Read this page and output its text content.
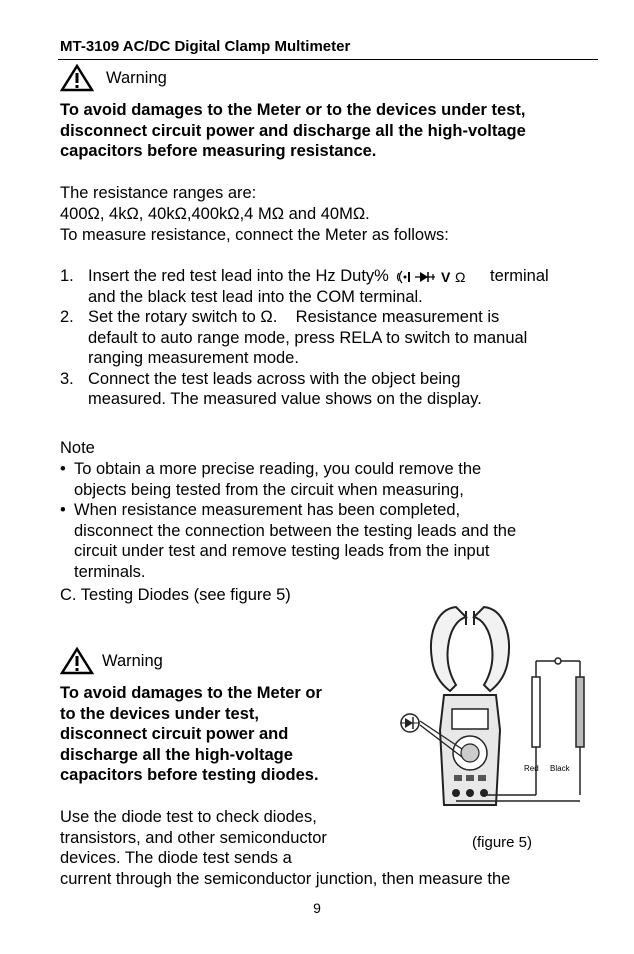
MT-3109 AC/DC Digital Clamp Multimeter
Warning
To avoid damages to the Meter or to the devices under test, disconnect circuit power and discharge all the high-voltage capacitors before measuring resistance.
The resistance ranges are:
400Ω, 4kΩ, 40kΩ,400kΩ,4 MΩ and 40MΩ.
To measure resistance, connect the Meter as follows:
1. Insert the red test lead into the Hz Duty%	V Ω terminal
and the black test lead into the COM terminal.
2. Set the rotary switch to Ω.    Resistance measurement is
default to auto range mode, press RELA to switch to manual
ranging measurement mode.
3. Connect the test leads across with the object being
measured. The measured value shows on the display.
Note
• To obtain a more precise reading, you could remove the
objects being tested from the circuit when measuring,
• When resistance measurement has been completed,
disconnect the connection between the testing leads and the
circuit under test and remove testing leads from the input
terminals.
C. Testing Diodes (see figure 5)
Warning
To avoid damages to the Meter or
to the devices under test,
disconnect circuit power and
discharge all the high-voltage
capacitors before testing diodes.
Use the diode test to check diodes,
transistors, and other semiconductor
devices. The diode test sends a
current through the semiconductor junction, then measure the
Red Black
(figure 5)
9
